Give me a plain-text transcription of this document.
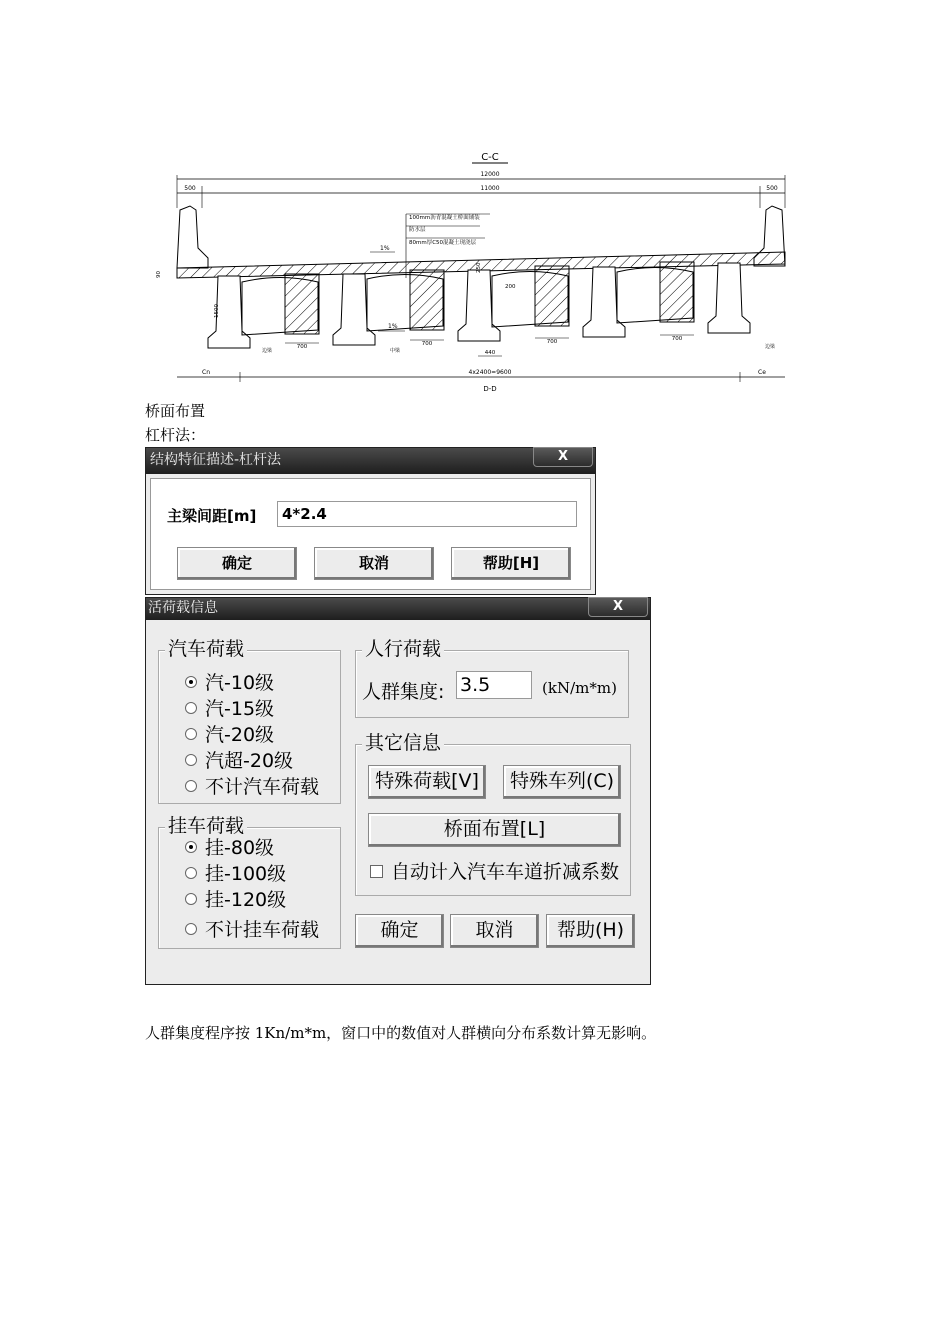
C-C
12000
500	11000	500
100mm沥青混凝土桥面铺装
防水层
80mm厚C50混凝土现浇层
1%
1%
200
250
1500
90
700	700	700	700
440
边梁	中梁
边梁
Cn	4x2400=9600	Ce
D-D
桥面布置
杠杆法：
结构特征描述-杠杆法	X
主梁间距[m]	4*2.4
确定	取消	帮助[H]
活荷载信息	X
汽车荷载
汽-10级
汽-15级
汽-20级
汽超-20级
不计汽车荷载
挂车荷载
挂-80级
挂-100级
挂-120级
不计挂车荷载
人行荷载
人群集度: 3.5	(kN/m*m)
其它信息
特殊荷载[V]	特殊车列(C)
桥面布置[L]
自动计入汽车车道折减系数
确定	取消	帮助(H)
人群集度程序按 1Kn/m*m，窗口中的数值对人群横向分布系数计算无影响。
